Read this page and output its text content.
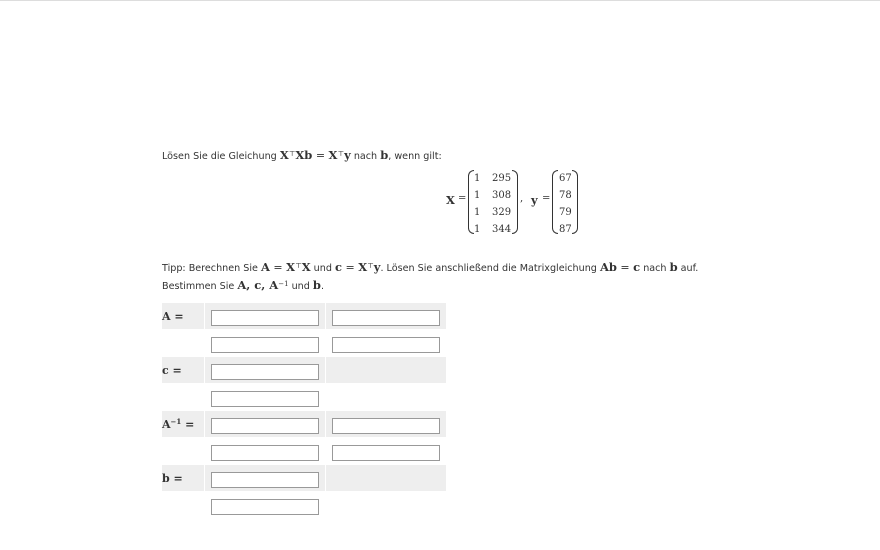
Lösen Sie die Gleichung X⊤Xb = X⊤y nach b, wenn gilt:
X =
1 295
1 308
1 329
1 344
, y =
67
78
79
87
Tipp: Berechnen Sie A = X⊤X und c = X⊤y. Lösen Sie anschließend die Matrixgleichung Ab = c nach b auf.
Bestimmen Sie A, c, $A^{-1}$ und b.
A =		

c =		

$A^{-1}$ =		

b =		
